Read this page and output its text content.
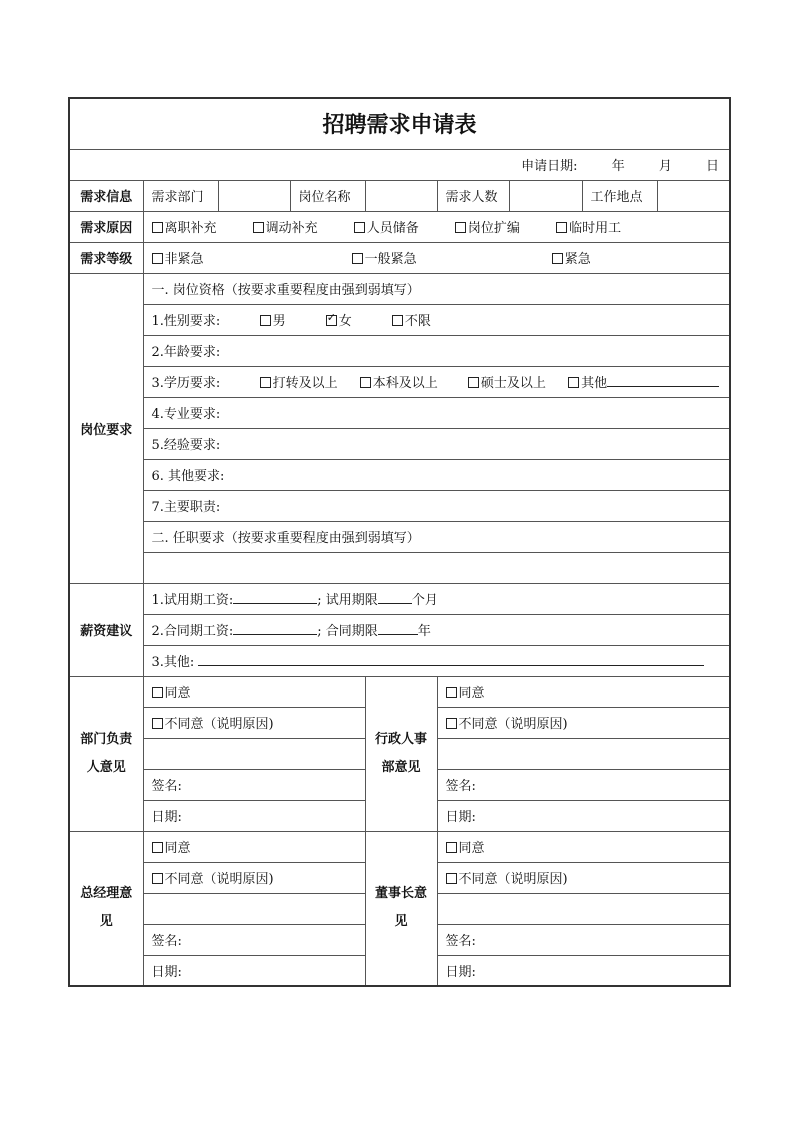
招聘需求申请表								
申请日期: 年 月 日								
需求信息	需求部门		岗位名称		需求人数		工作地点	
需求原因	离职补充 调动补充 人员储备 岗位扩编 临时用工							
需求等级	非紧急 一般紧急 紧急							
岗位要求	一. 岗位资格（按要求重要程度由强到弱填写）							
	1.性别要求: 男 ✓ 女 不限
	2.年龄要求:							
	3.学历要求: 打转及以上 本科及以上 硕士及以上 其他							
	4.专业要求:							
	5.经验要求:							
	6. 其他要求:							
	7.主要职责:							
	二. 任职要求（按要求重要程度由强到弱填写）							

薪资建议	1.试用期工资: ; 试用期限 个月							
	2.合同期工资: ; 合同期限 年							
	3.其他:							
部门负责人意见	同意			行政人事部意见	同意			
	不同意（说明原因)				不同意（说明原因)			

	签名:				签名:			
	日期:				日期:			
总经理意见	同意			董事长意见	同意			
	不同意（说明原因)				不同意（说明原因)			

	签名:				签名:			
	日期:				日期:			
